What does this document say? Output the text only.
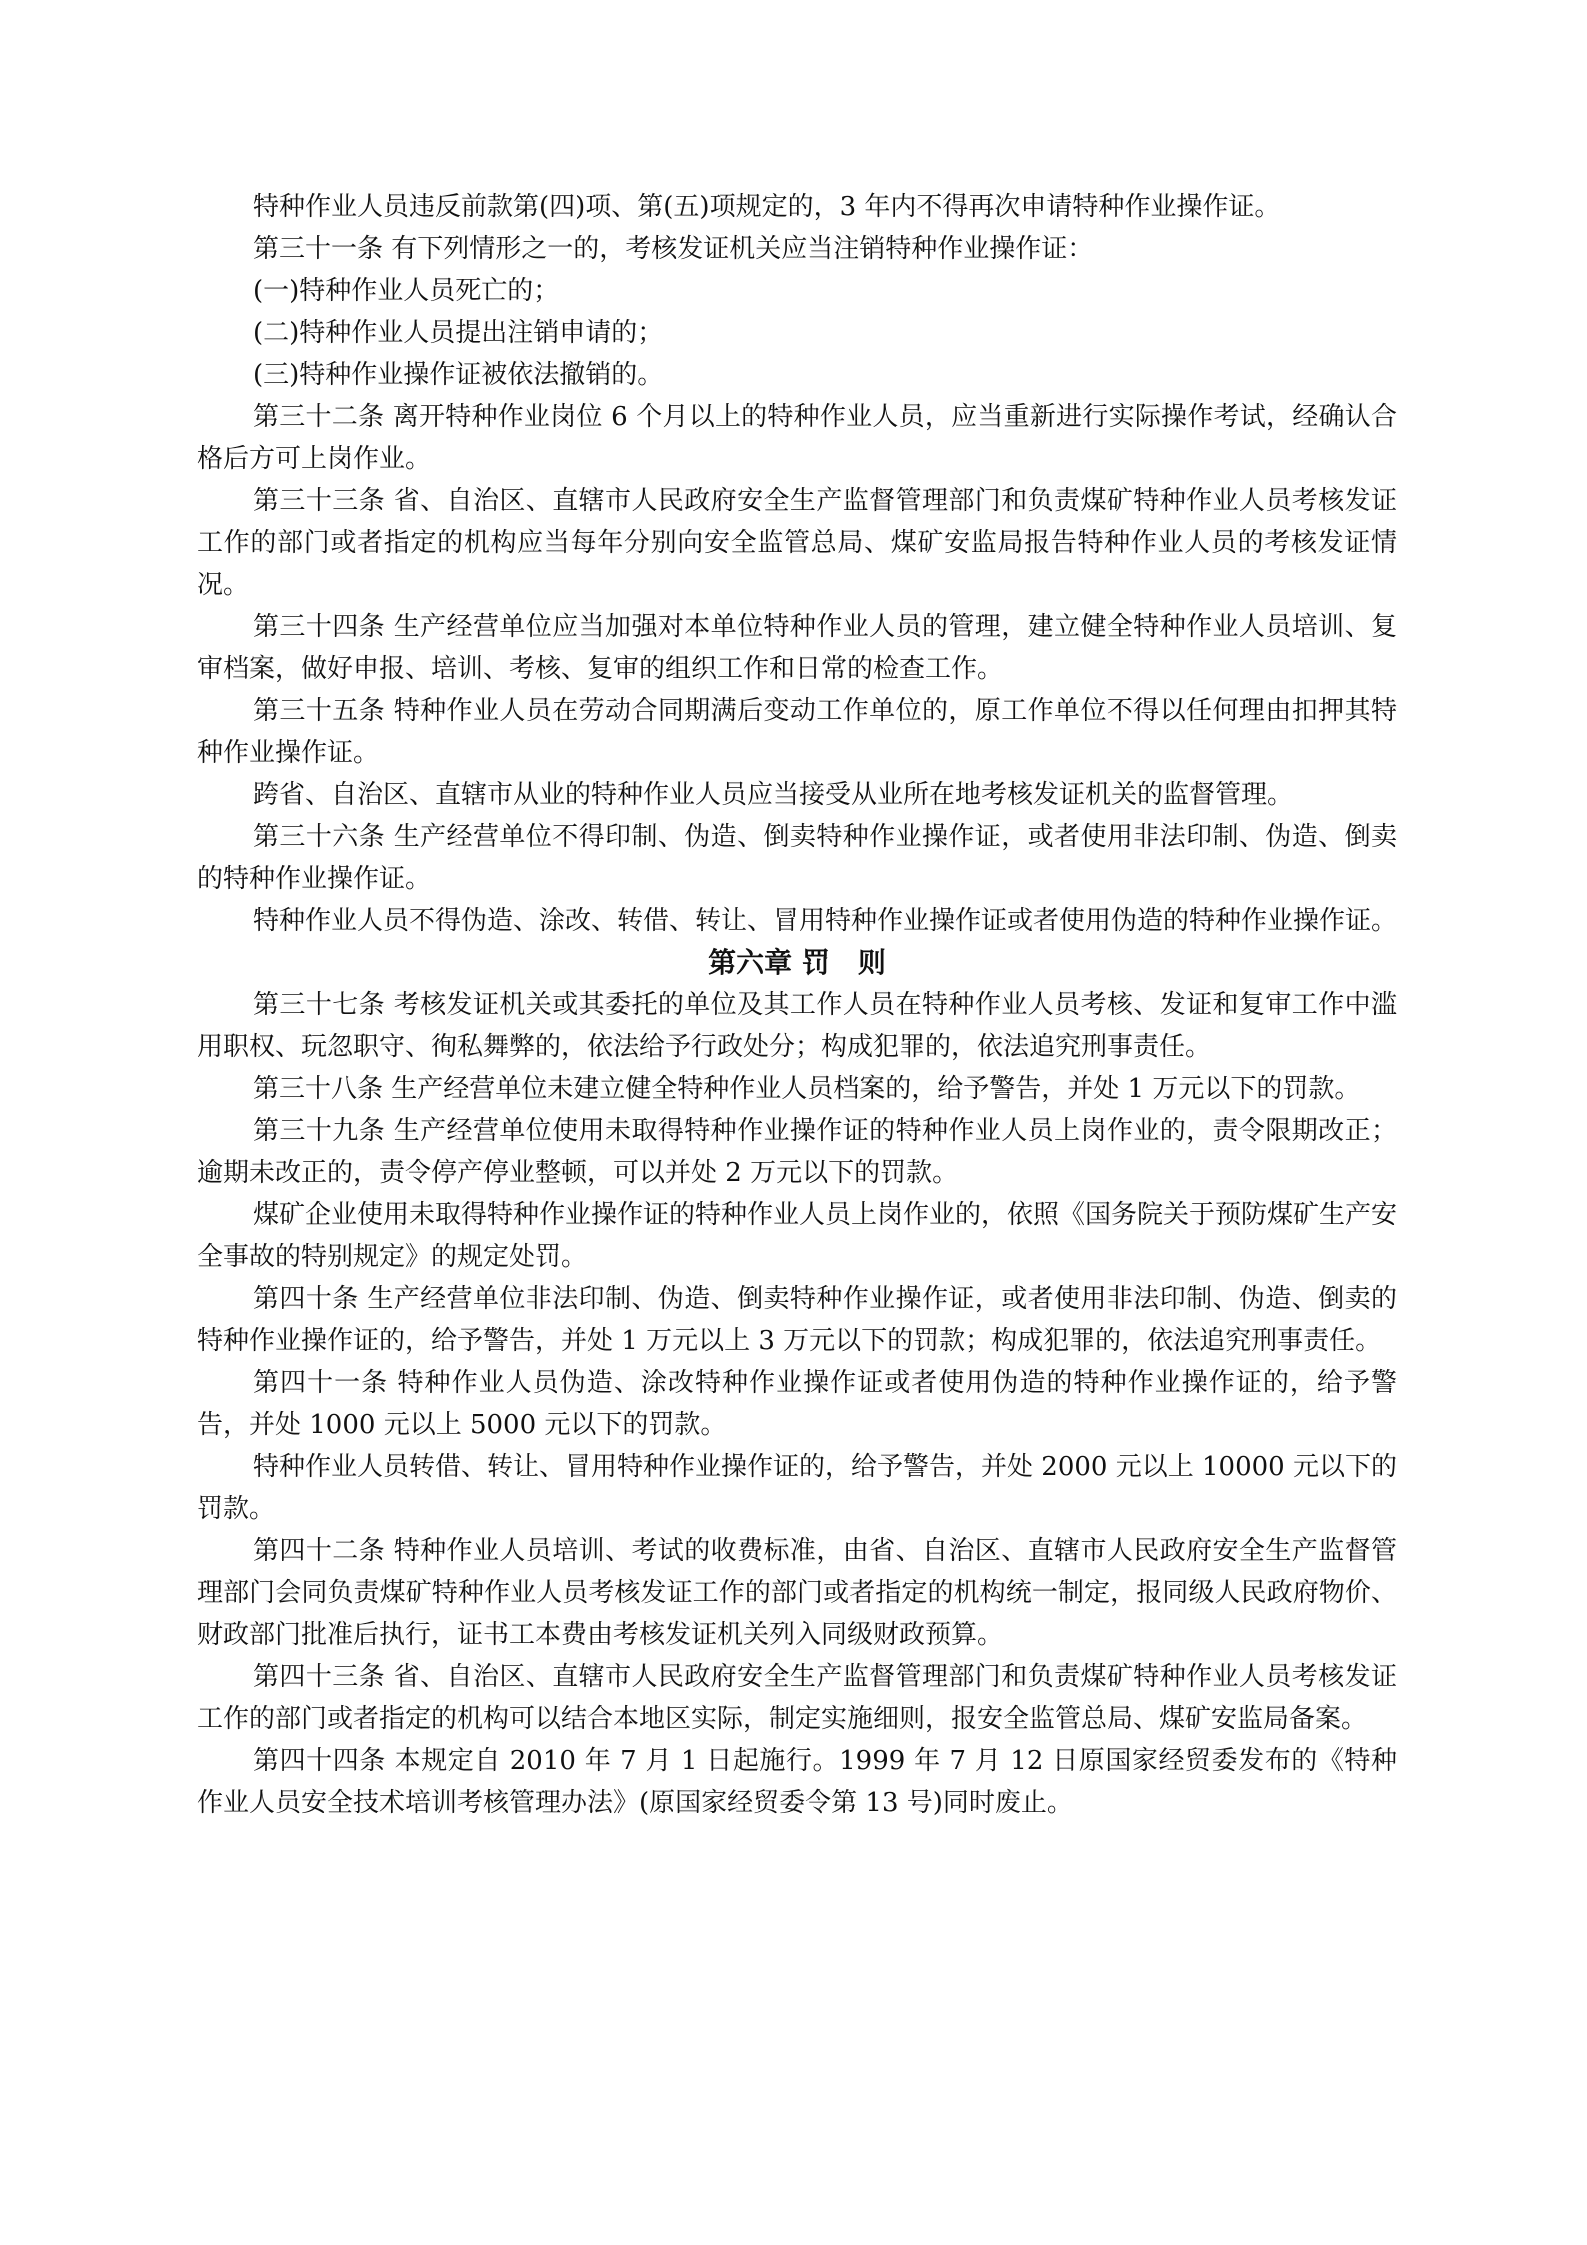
特种作业人员违反前款第(四)项、第(五)项规定的，3 年内不得再次申请特种作业操作证。

第三十一条 有下列情形之一的，考核发证机关应当注销特种作业操作证：

(一)特种作业人员死亡的；

(二)特种作业人员提出注销申请的；

(三)特种作业操作证被依法撤销的。

第三十二条 离开特种作业岗位 6 个月以上的特种作业人员，应当重新进行实际操作考试，经确认合格后方可上岗作业。

第三十三条 省、自治区、直辖市人民政府安全生产监督管理部门和负责煤矿特种作业人员考核发证工作的部门或者指定的机构应当每年分别向安全监管总局、煤矿安监局报告特种作业人员的考核发证情况。

第三十四条 生产经营单位应当加强对本单位特种作业人员的管理，建立健全特种作业人员培训、复审档案，做好申报、培训、考核、复审的组织工作和日常的检查工作。

第三十五条 特种作业人员在劳动合同期满后变动工作单位的，原工作单位不得以任何理由扣押其特种作业操作证。

跨省、自治区、直辖市从业的特种作业人员应当接受从业所在地考核发证机关的监督管理。

第三十六条 生产经营单位不得印制、伪造、倒卖特种作业操作证，或者使用非法印制、伪造、倒卖的特种作业操作证。

特种作业人员不得伪造、涂改、转借、转让、冒用特种作业操作证或者使用伪造的特种作业操作证。

第六章 罚　则

第三十七条 考核发证机关或其委托的单位及其工作人员在特种作业人员考核、发证和复审工作中滥用职权、玩忽职守、徇私舞弊的，依法给予行政处分；构成犯罪的，依法追究刑事责任。

第三十八条 生产经营单位未建立健全特种作业人员档案的，给予警告，并处 1 万元以下的罚款。

第三十九条 生产经营单位使用未取得特种作业操作证的特种作业人员上岗作业的，责令限期改正；逾期未改正的，责令停产停业整顿，可以并处 2 万元以下的罚款。

煤矿企业使用未取得特种作业操作证的特种作业人员上岗作业的，依照《国务院关于预防煤矿生产安全事故的特别规定》的规定处罚。

第四十条 生产经营单位非法印制、伪造、倒卖特种作业操作证，或者使用非法印制、伪造、倒卖的特种作业操作证的，给予警告，并处 1 万元以上 3 万元以下的罚款；构成犯罪的，依法追究刑事责任。

第四十一条 特种作业人员伪造、涂改特种作业操作证或者使用伪造的特种作业操作证的，给予警告，并处 1000 元以上 5000 元以下的罚款。

特种作业人员转借、转让、冒用特种作业操作证的，给予警告，并处 2000 元以上 10000 元以下的罚款。

第四十二条 特种作业人员培训、考试的收费标准，由省、自治区、直辖市人民政府安全生产监督管理部门会同负责煤矿特种作业人员考核发证工作的部门或者指定的机构统一制定，报同级人民政府物价、财政部门批准后执行，证书工本费由考核发证机关列入同级财政预算。

第四十三条 省、自治区、直辖市人民政府安全生产监督管理部门和负责煤矿特种作业人员考核发证工作的部门或者指定的机构可以结合本地区实际，制定实施细则，报安全监管总局、煤矿安监局备案。

第四十四条 本规定自 2010 年 7 月 1 日起施行。1999 年 7 月 12 日原国家经贸委发布的《特种作业人员安全技术培训考核管理办法》(原国家经贸委令第 13 号)同时废止。
